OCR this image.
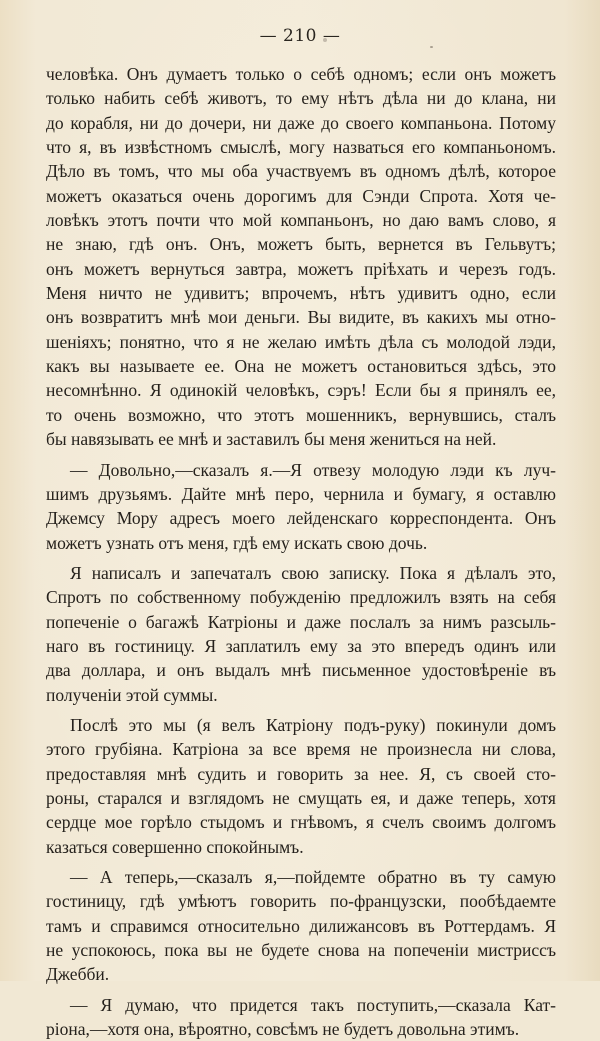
— 210 —
человѣка. Онъ думаетъ только о себѣ одномъ; если онъ можетъ
только набить себѣ животъ, то ему нѣтъ дѣла ни до клана, ни
до корабля, ни до дочери, ни даже до своего компаньона. Потому
что я, въ извѣстномъ смыслѣ, могу назваться его компаньономъ.
Дѣло въ томъ, что мы оба участвуемъ въ одномъ дѣлѣ, которое
можетъ оказаться очень дорогимъ для Сэнди Спрота. Хотя че-
ловѣкъ этотъ почти что мой компаньонъ, но даю вамъ слово, я
не знаю, гдѣ онъ. Онъ, можетъ быть, вернется въ Гельвутъ;
онъ можетъ вернуться завтра, можетъ пріѣхать и черезъ годъ.
Меня ничто не удивитъ; впрочемъ, нѣтъ удивитъ одно, если
онъ возвратитъ мнѣ мои деньги. Вы видите, въ какихъ мы отно-
шеніяхъ; понятно, что я не желаю имѣть дѣла съ молодой лэди,
какъ вы называете ее. Она не можетъ остановиться здѣсь, это
несомнѣнно. Я одинокій человѣкъ, сэръ! Если бы я принялъ ее,
то очень возможно, что этотъ мошенникъ, вернувшись, сталъ
бы навязывать ее мнѣ и заставилъ бы меня жениться на ней.
— Довольно,—сказалъ я.—Я отвезу молодую лэди къ луч-
шимъ друзьямъ. Дайте мнѣ перо, чернила и бумагу, я оставлю
Джемсу Мору адресъ моего лейденскаго корреспондента. Онъ
можетъ узнать отъ меня, гдѣ ему искать свою дочь.
Я написалъ и запечаталъ свою записку. Пока я дѣлалъ это,
Спротъ по собственному побужденію предложилъ взять на себя
попеченіе о багажѣ Катріоны и даже послалъ за нимъ разсыль-
наго въ гостиницу. Я заплатилъ ему за это впередъ одинъ или
два доллара, и онъ выдалъ мнѣ письменное удостовѣреніе въ
полученіи этой суммы.
Послѣ это мы (я велъ Катріону подъ-руку) покинули домъ
этого грубіяна. Катріона за все время не произнесла ни слова,
предоставляя мнѣ судить и говорить за нее. Я, съ своей сто-
роны, старался и взглядомъ не смущать ея, и даже теперь, хотя
сердце мое горѣло стыдомъ и гнѣвомъ, я счелъ своимъ долгомъ
казаться совершенно спокойнымъ.
— А теперь,—сказалъ я,—пойдемте обратно въ ту самую
гостиницу, гдѣ умѣютъ говорить по-французски, пообѣдаемте
тамъ и справимся относительно дилижансовъ въ Роттердамъ. Я
не успокоюсь, пока вы не будете снова на попеченіи мистриссъ
Джебби.
— Я думаю, что придется такъ поступить,—сказала Кат-
ріона,—хотя она, вѣроятно, совсѣмъ не будетъ довольна этимъ.
